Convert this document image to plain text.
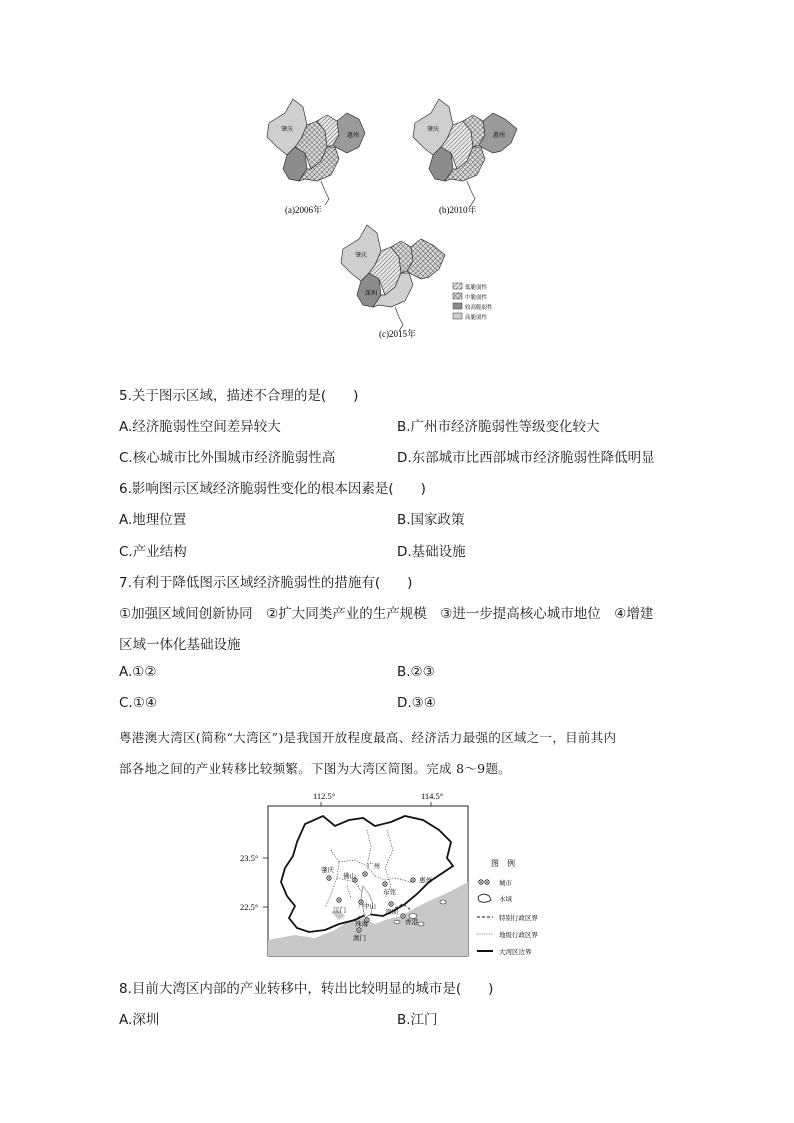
肇庆
惠州
(a)2006年
肇庆
惠州
(b)2010年
肇庆
深圳
(c)2015年
低脆弱性
中脆弱性
较高脆弱性
高脆弱性
5.关于图示区域，描述不合理的是(　　)
A.经济脆弱性空间差异较大	B.广州市经济脆弱性等级变化较大
C.核心城市比外围城市经济脆弱性高	D.东部城市比西部城市经济脆弱性降低明显
6.影响图示区域经济脆弱性变化的根本因素是(　　)
A.地理位置	B.国家政策
C.产业结构	D.基础设施
7.有利于降低图示区域经济脆弱性的措施有(　　)
①加强区域间创新协同　②扩大同类产业的生产规模　③进一步提高核心城市地位　④增建
区域一体化基础设施
A.①②	B.②③
C.①④	D.③④
粤港澳大湾区(简称“大湾区”)是我国开放程度最高、经济活力最强的区域之一，目前其内
部各地之间的产业转移比较频繁。下图为大湾区简图。完成 8～9题。
112.5°	114.5°
23.5°
22.5°
肇庆
广州
佛山
东莞
惠州
江门
中山
深圳
珠海	香港
澳门
图　例
城市
水域
特别行政区界
地级行政区界
大湾区边界
8.目前大湾区内部的产业转移中，转出比较明显的城市是(　　)
A.深圳	B.江门
